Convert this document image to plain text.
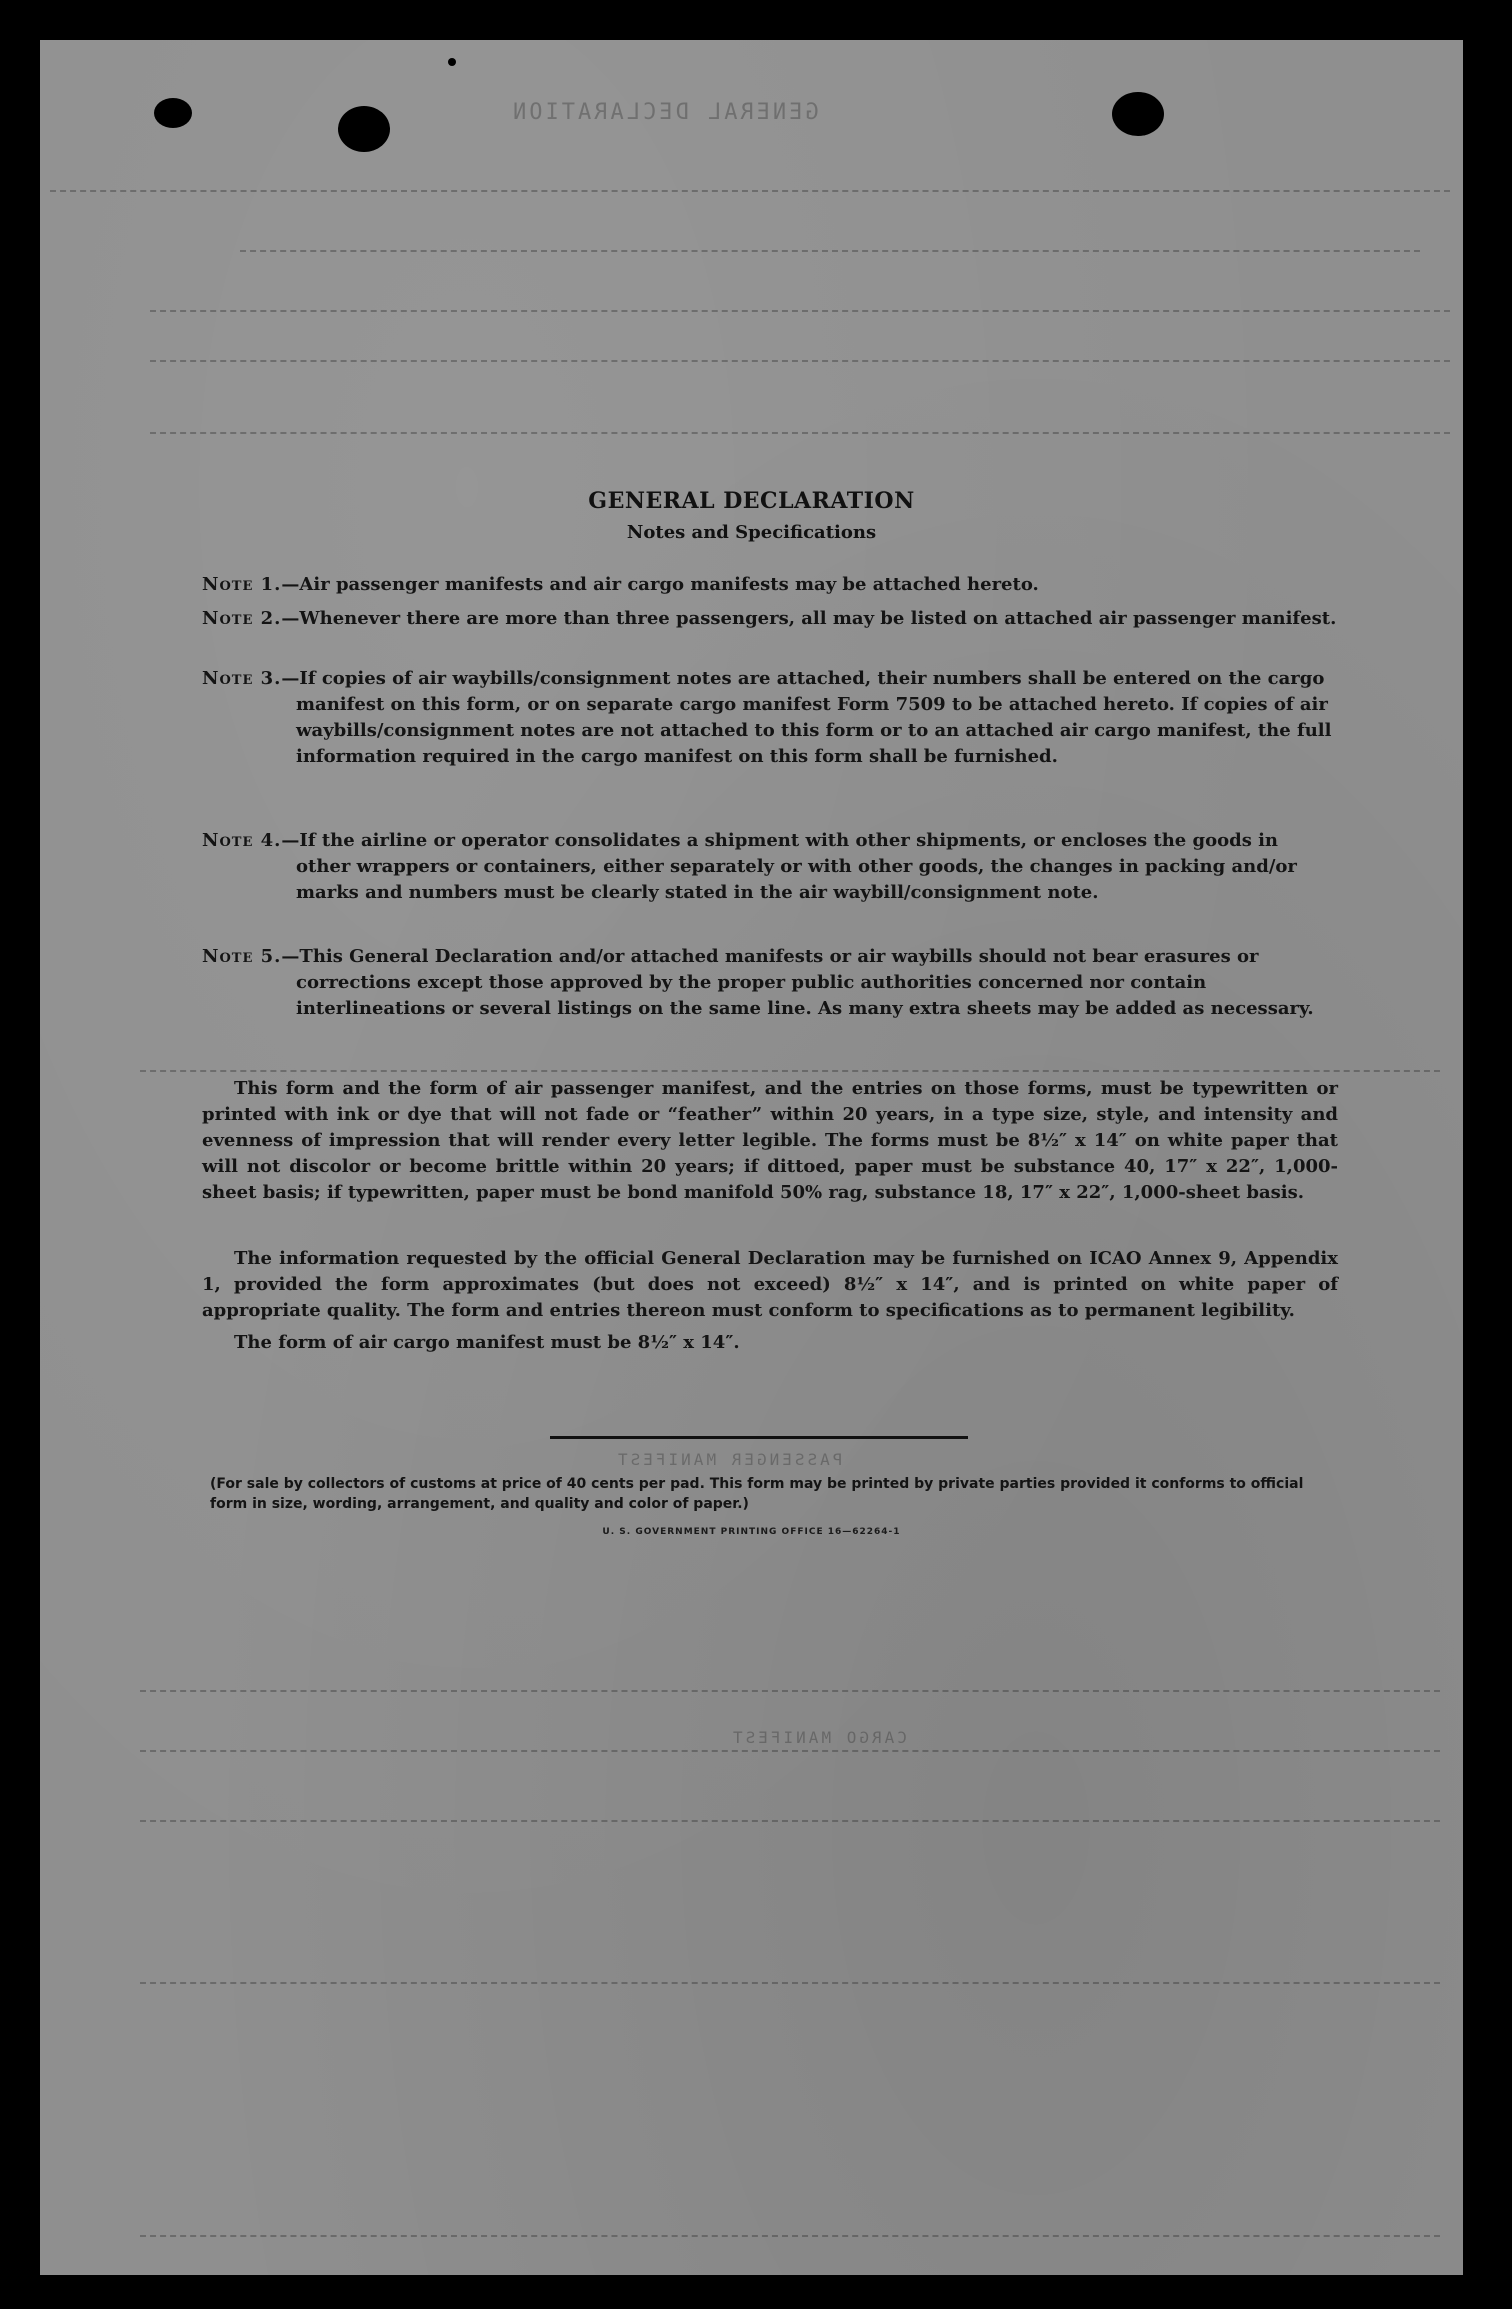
GENERAL DECLARATION
PASSENGER MANIFEST
CARGO MANIFEST
GENERAL DECLARATION
Notes and Specifications
Note 1.—Air passenger manifests and air cargo manifests may be attached hereto.
Note 2.—Whenever there are more than three passengers, all may be listed on attached air passenger manifest.
Note 3.—If copies of air waybills/consignment notes are attached, their numbers shall be entered on the cargo manifest on this form, or on separate cargo manifest Form 7509 to be attached hereto. If copies of air waybills/consignment notes are not attached to this form or to an attached air cargo manifest, the full information required in the cargo manifest on this form shall be furnished.
Note 4.—If the airline or operator consolidates a shipment with other shipments, or encloses the goods in other wrappers or containers, either separately or with other goods, the changes in packing and/or marks and numbers must be clearly stated in the air waybill/consignment note.
Note 5.—This General Declaration and/or attached manifests or air waybills should not bear erasures or corrections except those approved by the proper public authorities concerned nor contain interlineations or several listings on the same line. As many extra sheets may be added as necessary.
This form and the form of air passenger manifest, and the entries on those forms, must be typewritten or printed with ink or dye that will not fade or “feather” within 20 years, in a type size, style, and intensity and evenness of impression that will render every letter legible. The forms must be 8½″ x 14″ on white paper that will not discolor or become brittle within 20 years; if dittoed, paper must be substance 40, 17″ x 22″, 1,000-sheet basis; if typewritten, paper must be bond manifold 50% rag, substance 18, 17″ x 22″, 1,000-sheet basis.
The information requested by the official General Declaration may be furnished on ICAO Annex 9, Appendix 1, provided the form approximates (but does not exceed) 8½″ x 14″, and is printed on white paper of appropriate quality. The form and entries thereon must conform to specifications as to permanent legibility.
The form of air cargo manifest must be 8½″ x 14″.
(For sale by collectors of customs at price of 40 cents per pad. This form may be printed by private parties provided it conforms to official form in size, wording, arrangement, and quality and color of paper.)
U. S. GOVERNMENT PRINTING OFFICE 16—62264-1
